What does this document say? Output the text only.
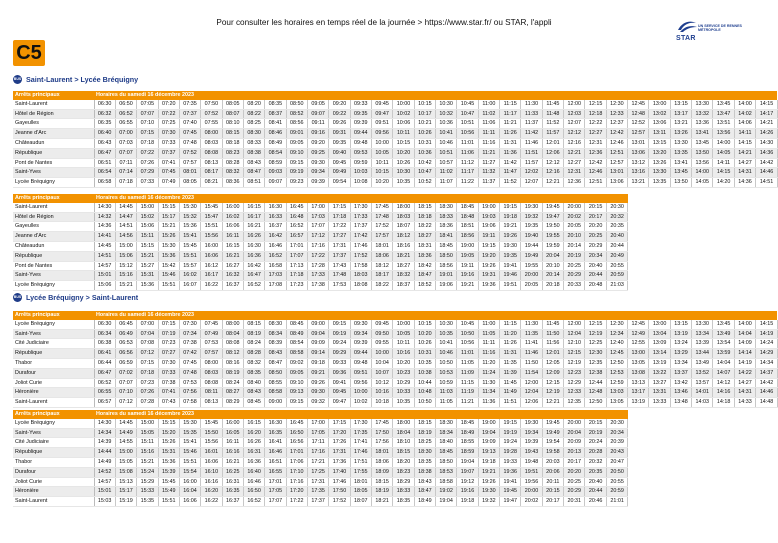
Pour consulter les horaires en temps réel de la journée > https://www.star.fr/ ou STAR, l'appli
STAR
UN SERVICE DE RENNES MÉTROPOLE
C5
BUS Saint-Laurent > Lycée Bréquigny
Arrêts principaux	Horaires du samedi 16 décembre 2023																															
Saint-Laurent	06:30	06:50	07:05	07:20	07:35	07:50	08:05	08:20	08:35	08:50	09:05	09:20	09:33	09:45	10:00	10:15	10:30	10:45	11:00	11:15	11:30	11:45	12:00	12:15	12:30	12:45	13:00	13:15	13:30	13:45	14:00	14:15
Hôtel de Région	06:32	06:52	07:07	07:22	07:37	07:52	08:07	08:22	08:37	08:52	09:07	09:22	09:35	09:47	10:02	10:17	10:32	10:47	11:02	11:17	11:33	11:48	12:03	12:18	12:33	12:48	13:02	13:17	13:32	13:47	14:02	14:17
Gayeulles	06:35	06:55	07:10	07:25	07:40	07:55	08:10	08:25	08:41	08:56	09:11	09:26	09:39	09:51	10:06	10:21	10:36	10:51	11:06	11:21	11:37	11:52	12:07	12:22	12:37	12:52	13:06	13:21	13:36	13:51	14:06	14:21
Jeanne d'Arc	06:40	07:00	07:15	07:30	07:45	08:00	08:15	08:30	08:46	09:01	09:16	09:31	09:44	09:56	10:11	10:26	10:41	10:56	11:11	11:26	11:42	11:57	12:12	12:27	12:42	12:57	13:11	13:26	13:41	13:56	14:11	14:26
Châteaudun	06:43	07:03	07:18	07:33	07:48	08:03	08:18	08:33	08:49	09:05	09:20	09:35	09:48	10:00	10:15	10:31	10:46	11:01	11:16	11:31	11:46	12:01	12:16	12:31	12:46	13:01	13:15	13:30	13:45	14:00	14:15	14:30
République	06:47	07:07	07:22	07:37	07:52	08:08	08:23	08:38	08:54	09:10	09:25	09:40	09:53	10:05	10:20	10:36	10:51	11:06	11:21	11:36	11:51	12:06	12:21	12:36	12:51	13:06	13:20	13:35	13:50	14:05	14:21	14:36
Pont de Nantes	06:51	07:11	07:26	07:41	07:57	08:13	08:28	08:43	08:59	09:15	09:30	09:45	09:59	10:11	10:26	10:42	10:57	11:12	11:27	11:42	11:57	12:12	12:27	12:42	12:57	13:12	13:26	13:41	13:56	14:11	14:27	14:42
Saint-Yves	06:54	07:14	07:29	07:45	08:01	08:17	08:32	08:47	09:03	09:19	09:34	09:49	10:03	10:15	10:30	10:47	11:02	11:17	11:32	11:47	12:02	12:16	12:31	12:46	13:01	13:16	13:30	13:45	14:00	14:15	14:31	14:46
Lycée Bréquigny	06:58	07:18	07:33	07:49	08:05	08:21	08:36	08:51	09:07	09:23	09:39	09:54	10:08	10:20	10:35	10:52	11:07	11:22	11:37	11:52	12:07	12:21	12:36	12:51	13:06	13:21	13:35	13:50	14:05	14:20	14:36	14:51
Arrêts principaux	Horaires du samedi 16 décembre 2023																								
Saint-Laurent	14:30	14:45	15:00	15:15	15:30	15:45	16:00	16:15	16:30	16:45	17:00	17:15	17:30	17:45	18:00	18:15	18:30	18:45	19:00	19:15	19:30	19:45	20:00	20:15	20:30
Hôtel de Région	14:32	14:47	15:02	15:17	15:32	15:47	16:02	16:17	16:33	16:48	17:03	17:18	17:33	17:48	18:03	18:18	18:33	18:48	19:03	19:18	19:32	19:47	20:02	20:17	20:32
Gayeulles	14:36	14:51	15:06	15:21	15:36	15:51	16:06	16:21	16:37	16:52	17:07	17:22	17:37	17:52	18:07	18:22	18:36	18:51	19:06	19:21	19:35	19:50	20:05	20:20	20:35
Jeanne d'Arc	14:41	14:56	15:11	15:26	15:41	15:56	16:11	16:26	16:42	16:57	17:12	17:27	17:42	17:57	18:12	18:27	18:41	18:56	19:11	19:26	19:40	19:55	20:10	20:25	20:40
Châteaudun	14:45	15:00	15:15	15:30	15:45	16:00	16:15	16:30	16:46	17:01	17:16	17:31	17:46	18:01	18:16	18:31	18:45	19:00	19:15	19:30	19:44	19:59	20:14	20:29	20:44
République	14:51	15:06	15:21	15:36	15:51	16:06	16:21	16:36	16:52	17:07	17:22	17:37	17:52	18:06	18:21	18:36	18:50	19:05	19:20	19:35	19:49	20:04	20:19	20:34	20:49
Pont de Nantes	14:57	15:12	15:27	15:42	15:57	16:12	16:27	16:42	16:58	17:13	17:28	17:43	17:58	18:12	18:27	18:42	18:56	19:11	19:26	19:41	19:55	20:10	20:25	20:40	20:55
Saint-Yves	15:01	15:16	15:31	15:46	16:02	16:17	16:32	16:47	17:03	17:18	17:33	17:48	18:03	18:17	18:32	18:47	19:01	19:16	19:31	19:46	20:00	20:14	20:29	20:44	20:59
Lycée Bréquigny	15:06	15:21	15:36	15:51	16:07	16:22	16:37	16:52	17:08	17:23	17:38	17:53	18:08	18:22	18:37	18:52	19:06	19:21	19:36	19:51	20:05	20:18	20:33	20:48	21:03
BUS Lycée Bréquigny > Saint-Laurent
Arrêts principaux	Horaires du samedi 16 décembre 2023																															
Lycée Bréquigny	06:30	06:45	07:00	07:15	07:30	07:45	08:00	08:15	08:30	08:45	09:00	09:15	09:30	09:45	10:00	10:15	10:30	10:45	11:00	11:15	11:30	11:45	12:00	12:15	12:30	12:45	13:00	13:15	13:30	13:45	14:00	14:15
Saint-Yves	06:34	06:49	07:04	07:19	07:34	07:49	08:04	08:19	08:34	08:49	09:04	09:19	09:34	09:50	10:05	10:20	10:35	10:50	11:05	11:20	11:35	11:50	12:04	12:19	12:34	12:49	13:04	13:19	13:34	13:49	14:04	14:19
Cité Judiciaire	06:38	06:53	07:08	07:23	07:38	07:53	08:08	08:24	08:39	08:54	09:09	09:24	09:39	09:55	10:11	10:26	10:41	10:56	11:11	11:26	11:41	11:56	12:10	12:25	12:40	12:55	13:09	13:24	13:39	13:54	14:09	14:24
République	06:41	06:56	07:12	07:27	07:42	07:57	08:12	08:28	08:43	08:58	09:14	09:29	09:44	10:00	10:16	10:31	10:46	11:01	11:16	11:31	11:46	12:01	12:15	12:30	12:45	13:00	13:14	13:29	13:44	13:59	14:14	14:29
Thabor	06:44	06:59	07:15	07:30	07:45	08:00	08:16	08:32	08:47	09:02	09:18	09:33	09:48	10:04	10:20	10:35	10:50	11:05	11:20	11:35	11:50	12:05	12:19	12:35	12:50	13:05	13:19	13:34	13:49	14:04	14:19	14:34
Durafour	06:47	07:02	07:18	07:33	07:48	08:03	08:19	08:35	08:50	09:05	09:21	09:36	09:51	10:07	10:23	10:38	10:53	11:09	11:24	11:39	11:54	12:09	12:23	12:38	12:53	13:08	13:22	13:37	13:52	14:07	14:22	14:37
Joliot Curie	06:52	07:07	07:23	07:38	07:53	08:08	08:24	08:40	08:55	09:10	09:26	09:41	09:56	10:12	10:29	10:44	10:59	11:15	11:30	11:45	12:00	12:15	12:29	12:44	12:59	13:13	13:27	13:42	13:57	14:12	14:27	14:42
Héronière	06:55	07:10	07:26	07:41	07:56	08:11	08:27	08:43	08:58	09:13	09:30	09:45	10:00	10:16	10:33	10:48	11:03	11:19	11:34	11:49	12:04	12:19	12:33	12:48	13:03	13:17	13:31	13:46	14:01	14:16	14:31	14:46
Saint-Laurent	06:57	07:12	07:28	07:43	07:58	08:13	08:29	08:45	09:00	09:15	09:32	09:47	10:02	10:18	10:35	10:50	11:05	11:21	11:36	11:51	12:06	12:21	12:35	12:50	13:05	13:19	13:33	13:48	14:03	14:18	14:33	14:48
Arrêts principaux	Horaires du samedi 16 décembre 2023																								
Lycée Bréquigny	14:30	14:45	15:00	15:15	15:30	15:45	16:00	16:15	16:30	16:45	17:00	17:15	17:30	17:45	18:00	18:15	18:30	18:45	19:00	19:15	19:30	19:45	20:00	20:15	20:30
Saint-Yves	14:34	14:49	15:05	15:20	15:35	15:50	16:05	16:20	16:35	16:50	17:05	17:20	17:35	17:50	18:04	18:19	18:34	18:49	19:04	19:19	19:34	19:49	20:04	20:19	20:34
Cité Judiciaire	14:39	14:55	15:11	15:26	15:41	15:56	16:11	16:26	16:41	16:56	17:11	17:26	17:41	17:56	18:10	18:25	18:40	18:55	19:09	19:24	19:39	19:54	20:09	20:24	20:39
République	14:44	15:00	15:16	15:31	15:46	16:01	16:16	16:31	16:46	17:01	17:16	17:31	17:46	18:01	18:15	18:30	18:45	18:59	19:13	19:28	19:43	19:58	20:13	20:28	20:43
Thabor	14:49	15:05	15:21	15:36	15:51	16:06	16:21	16:36	16:51	17:06	17:21	17:36	17:51	18:06	18:20	18:35	18:50	19:04	19:18	19:33	19:48	20:03	20:17	20:32	20:47
Durafour	14:52	15:08	15:24	15:39	15:54	16:10	16:25	16:40	16:55	17:10	17:25	17:40	17:55	18:09	18:23	18:38	18:53	19:07	19:21	19:36	19:51	20:06	20:20	20:35	20:50
Joliot Curie	14:57	15:13	15:29	15:45	16:00	16:16	16:31	16:46	17:01	17:16	17:31	17:46	18:01	18:15	18:29	18:43	18:58	19:12	19:26	19:41	19:56	20:11	20:25	20:40	20:55
Héronière	15:01	15:17	15:33	15:49	16:04	16:20	16:35	16:50	17:05	17:20	17:35	17:50	18:05	18:19	18:33	18:47	19:02	19:16	19:30	19:45	20:00	20:15	20:29	20:44	20:59
Saint-Laurent	15:03	15:19	15:35	15:51	16:06	16:22	16:37	16:52	17:07	17:22	17:37	17:52	18:07	18:21	18:35	18:49	19:04	19:18	19:32	19:47	20:02	20:17	20:31	20:46	21:01
